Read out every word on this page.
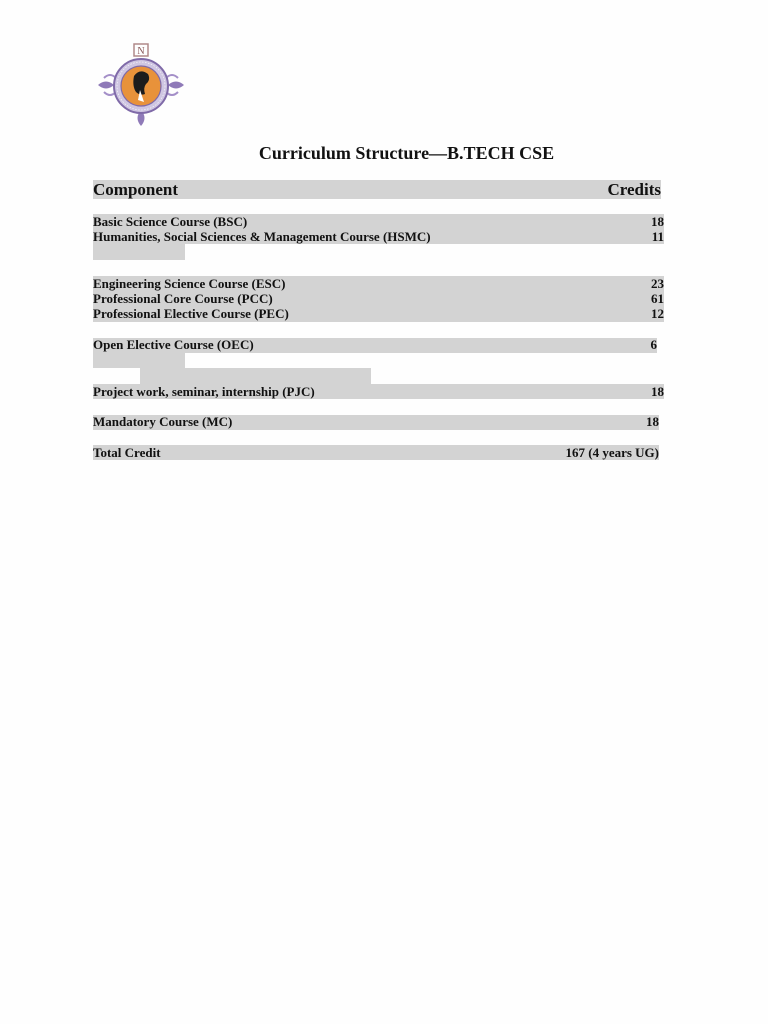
N
Curriculum Structure—B.TECH CSE
Component	Credits
Basic Science Course (BSC)	18
Humanities, Social Sciences & Management Course (HSMC)	11
Engineering Science Course (ESC)	23
Professional Core Course (PCC)	61
Professional Elective Course (PEC)	12
Open Elective Course (OEC)	6
Project work, seminar, internship (PJC)	18
Mandatory Course (MC)	18
Total Credit	167 (4 years UG)
